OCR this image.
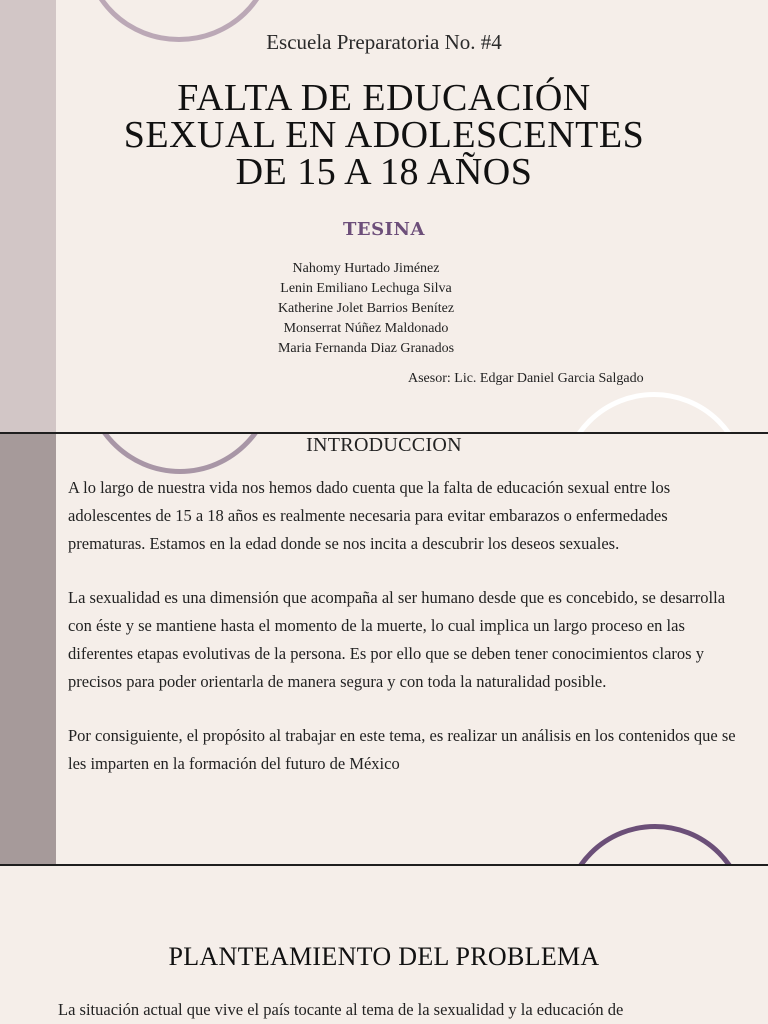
Escuela Preparatoria No. #4
FALTA DE EDUCACIÓN
SEXUAL EN ADOLESCENTES
DE 15 A 18 AÑOS
TESINA
Nahomy Hurtado Jiménez
Lenin Emiliano Lechuga Silva
Katherine Jolet Barrios Benítez
Monserrat Núñez Maldonado
Maria Fernanda Diaz Granados
Asesor: Lic. Edgar Daniel Garcia Salgado
INTRODUCCION

A lo largo de nuestra vida nos hemos dado cuenta que la falta de educación sexual entre los adolescentes de 15 a 18 años es realmente necesaria para evitar embarazos o enfermedades prematuras. Estamos en la edad donde se nos incita a descubrir los deseos sexuales.

La sexualidad es una dimensión que acompaña al ser humano desde que es concebido, se desarrolla con éste y se mantiene hasta el momento de la muerte, lo cual implica un largo proceso en las diferentes etapas evolutivas de la persona. Es por ello que se deben tener conocimientos claros y precisos para poder orientarla de manera segura y con toda la naturalidad posible.

Por consiguiente, el propósito al trabajar en este tema, es realizar un análisis en los contenidos que se les imparten en la formación del futuro de México

PLANTEAMIENTO DEL PROBLEMA
La situación actual que vive el país tocante al tema de la sexualidad y la educación de
